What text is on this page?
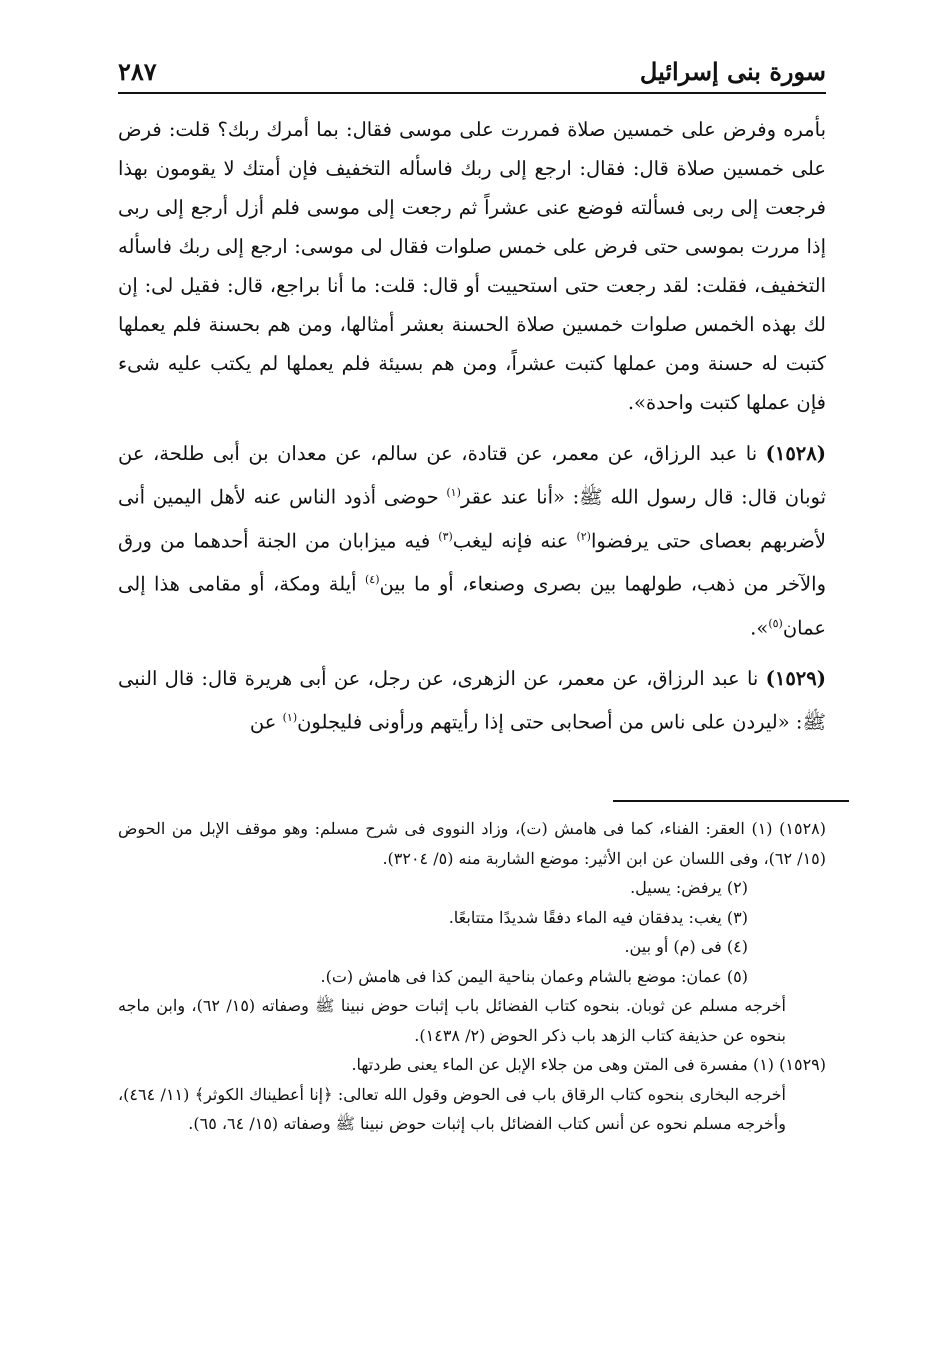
سورة بنى إسرائيل
٢٨٧

بأمره وفرض على خمسين صلاة فمررت على موسى فقال: بما أمرك ربك؟ قلت: فرض على خمسين صلاة قال: فقال: ارجع إلى ربك فاسأله التخفيف فإن أمتك لا يقومون بهذا فرجعت إلى ربى فسألته فوضع عنى عشراً ثم رجعت إلى موسى فلم أزل أرجع إلى ربى إذا مررت بموسى حتى فرض على خمس صلوات فقال لى موسى: ارجع إلى ربك فاسأله التخفيف، فقلت: لقد رجعت حتى استحييت أو قال: قلت: ما أنا براجع، قال: فقيل لى: إن لك بهذه الخمس صلوات خمسين صلاة الحسنة بعشر أمثالها، ومن هم بحسنة فلم يعملها كتبت له حسنة ومن عملها كتبت عشراً، ومن هم بسيئة فلم يعملها لم يكتب عليه شىء فإن عملها كتبت واحدة».

(١٥٢٨) نا عبد الرزاق، عن معمر، عن قتادة، عن سالم، عن معدان بن أبى طلحة، عن ثوبان قال: قال رسول الله ﷺ: «أنا عند عقر$^{(١)}$ حوضى أذود الناس عنه لأهل اليمين أنى لأضربهم بعصاى حتى يرفضوا$^{(٢)}$ عنه فإنه ليغب$^{(٣)}$ فيه ميزابان من الجنة أحدهما من ورق والآخر من ذهب، طولهما بين بصرى وصنعاء، أو ما بين$^{(٤)}$ أيلة ومكة، أو مقامى هذا إلى عمان$^{(٥)}$».

(١٥٢٩) نا عبد الرزاق، عن معمر، عن الزهرى، عن رجل، عن أبى هريرة قال: قال النبى ﷺ: «ليردن على ناس من أصحابى حتى إذا رأيتهم ورأونى فليجلون$^{(١)}$ عن

(١٥٢٨) (١) العقر: الفناء، كما فى هامش (ت)، وزاد النووى فى شرح مسلم: وهو موقف الإبل من الحوض (١٥/ ٦٢)، وفى اللسان عن ابن الأثير: موضع الشاربة منه (٥/ ٣٢٠٤).
(٢) يرفض: يسيل.
(٣) يغب: يدفقان فيه الماء دفقًا شديدًا متتابعًا.
(٤) فى (م) أو بين.
(٥) عمان: موضع بالشام وعمان بناحية اليمن كذا فى هامش (ت).
أخرجه مسلم عن ثوبان. بنحوه كتاب الفضائل باب إثبات حوض نبينا ﷺ وصفاته (١٥/ ٦٢)، وابن ماجه بنحوه عن حذيفة كتاب الزهد باب ذكر الحوض (٢/ ١٤٣٨).
(١٥٢٩) (١) مفسرة فى المتن وهى من جلاء الإبل عن الماء يعنى طردتها.
أخرجه البخارى بنحوه كتاب الرقاق باب فى الحوض وقول الله تعالى: ﴿إنا أعطيناك الكوثر﴾ (١١/ ٤٦٤)، وأخرجه مسلم نحوه عن أنس كتاب الفضائل باب إثبات حوض نبينا ﷺ وصفاته (١٥/ ٦٤، ٦٥).
